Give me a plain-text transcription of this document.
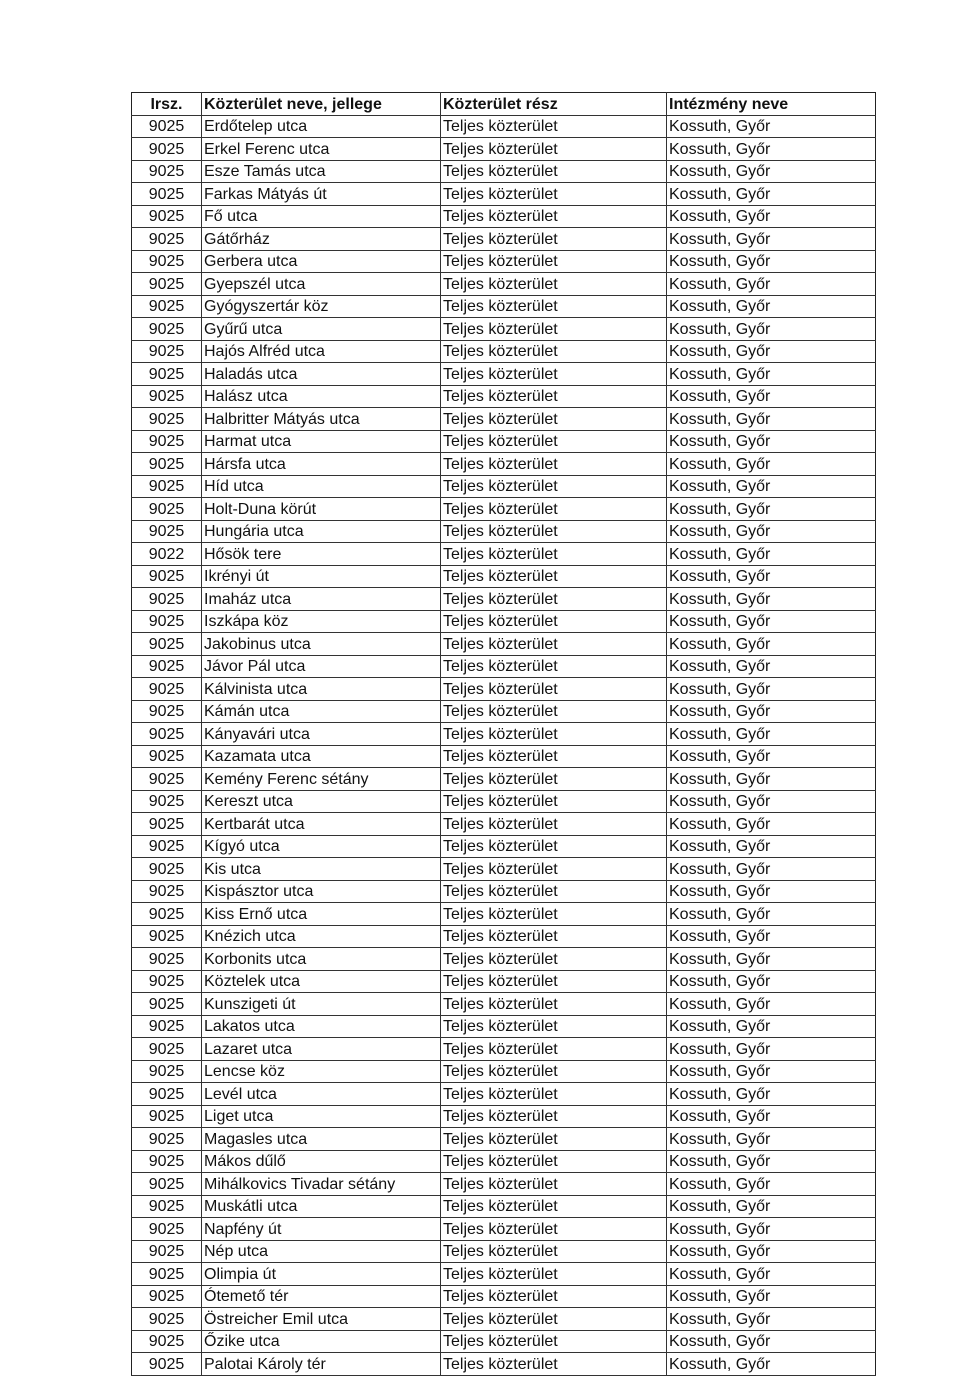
Irsz.	Közterület neve, jellege	Közterület rész	Intézmény neve
9025	Erdőtelep utca	Teljes közterület	Kossuth, Győr
9025	Erkel Ferenc utca	Teljes közterület	Kossuth, Győr
9025	Esze Tamás utca	Teljes közterület	Kossuth, Győr
9025	Farkas Mátyás út	Teljes közterület	Kossuth, Győr
9025	Fő utca	Teljes közterület	Kossuth, Győr
9025	Gátőrház	Teljes közterület	Kossuth, Győr
9025	Gerbera utca	Teljes közterület	Kossuth, Győr
9025	Gyepszél utca	Teljes közterület	Kossuth, Győr
9025	Gyógyszertár köz	Teljes közterület	Kossuth, Győr
9025	Gyűrű utca	Teljes közterület	Kossuth, Győr
9025	Hajós Alfréd utca	Teljes közterület	Kossuth, Győr
9025	Haladás utca	Teljes közterület	Kossuth, Győr
9025	Halász utca	Teljes közterület	Kossuth, Győr
9025	Halbritter Mátyás utca	Teljes közterület	Kossuth, Győr
9025	Harmat utca	Teljes közterület	Kossuth, Győr
9025	Hársfa utca	Teljes közterület	Kossuth, Győr
9025	Híd utca	Teljes közterület	Kossuth, Győr
9025	Holt-Duna körút	Teljes közterület	Kossuth, Győr
9025	Hungária utca	Teljes közterület	Kossuth, Győr
9022	Hősök tere	Teljes közterület	Kossuth, Győr
9025	Ikrényi út	Teljes közterület	Kossuth, Győr
9025	Imaház utca	Teljes közterület	Kossuth, Győr
9025	Iszkápa köz	Teljes közterület	Kossuth, Győr
9025	Jakobinus utca	Teljes közterület	Kossuth, Győr
9025	Jávor Pál utca	Teljes közterület	Kossuth, Győr
9025	Kálvinista utca	Teljes közterület	Kossuth, Győr
9025	Kámán utca	Teljes közterület	Kossuth, Győr
9025	Kányavári utca	Teljes közterület	Kossuth, Győr
9025	Kazamata utca	Teljes közterület	Kossuth, Győr
9025	Kemény Ferenc sétány	Teljes közterület	Kossuth, Győr
9025	Kereszt utca	Teljes közterület	Kossuth, Győr
9025	Kertbarát utca	Teljes közterület	Kossuth, Győr
9025	Kígyó utca	Teljes közterület	Kossuth, Győr
9025	Kis utca	Teljes közterület	Kossuth, Győr
9025	Kispásztor utca	Teljes közterület	Kossuth, Győr
9025	Kiss Ernő utca	Teljes közterület	Kossuth, Győr
9025	Knézich utca	Teljes közterület	Kossuth, Győr
9025	Korbonits utca	Teljes közterület	Kossuth, Győr
9025	Köztelek utca	Teljes közterület	Kossuth, Győr
9025	Kunszigeti út	Teljes közterület	Kossuth, Győr
9025	Lakatos utca	Teljes közterület	Kossuth, Győr
9025	Lazaret utca	Teljes közterület	Kossuth, Győr
9025	Lencse köz	Teljes közterület	Kossuth, Győr
9025	Levél utca	Teljes közterület	Kossuth, Győr
9025	Liget utca	Teljes közterület	Kossuth, Győr
9025	Magasles utca	Teljes közterület	Kossuth, Győr
9025	Mákos dűlő	Teljes közterület	Kossuth, Győr
9025	Mihálkovics Tivadar sétány	Teljes közterület	Kossuth, Győr
9025	Muskátli utca	Teljes közterület	Kossuth, Győr
9025	Napfény út	Teljes közterület	Kossuth, Győr
9025	Nép utca	Teljes közterület	Kossuth, Győr
9025	Olimpia út	Teljes közterület	Kossuth, Győr
9025	Ótemető tér	Teljes közterület	Kossuth, Győr
9025	Östreicher Emil utca	Teljes közterület	Kossuth, Győr
9025	Őzike utca	Teljes közterület	Kossuth, Győr
9025	Palotai Károly tér	Teljes közterület	Kossuth, Győr
